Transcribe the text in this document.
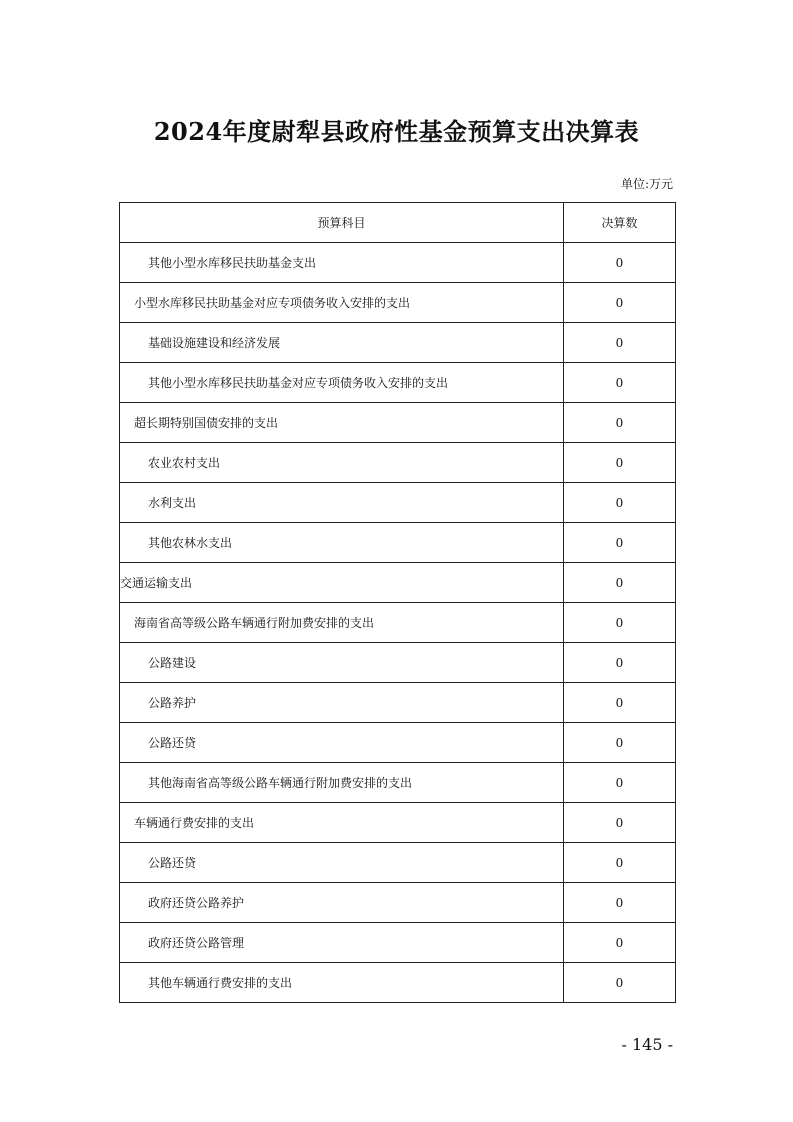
2024年度尉犁县政府性基金预算支出决算表
单位:万元
预算科目	决算数
其他小型水库移民扶助基金支出	0
小型水库移民扶助基金对应专项债务收入安排的支出	0
基础设施建设和经济发展	0
其他小型水库移民扶助基金对应专项债务收入安排的支出	0
超长期特别国债安排的支出	0
农业农村支出	0
水利支出	0
其他农林水支出	0
交通运输支出	0
海南省高等级公路车辆通行附加费安排的支出	0
公路建设	0
公路养护	0
公路还贷	0
其他海南省高等级公路车辆通行附加费安排的支出	0
车辆通行费安排的支出	0
公路还贷	0
政府还贷公路养护	0
政府还贷公路管理	0
其他车辆通行费安排的支出	0
- 145 -
